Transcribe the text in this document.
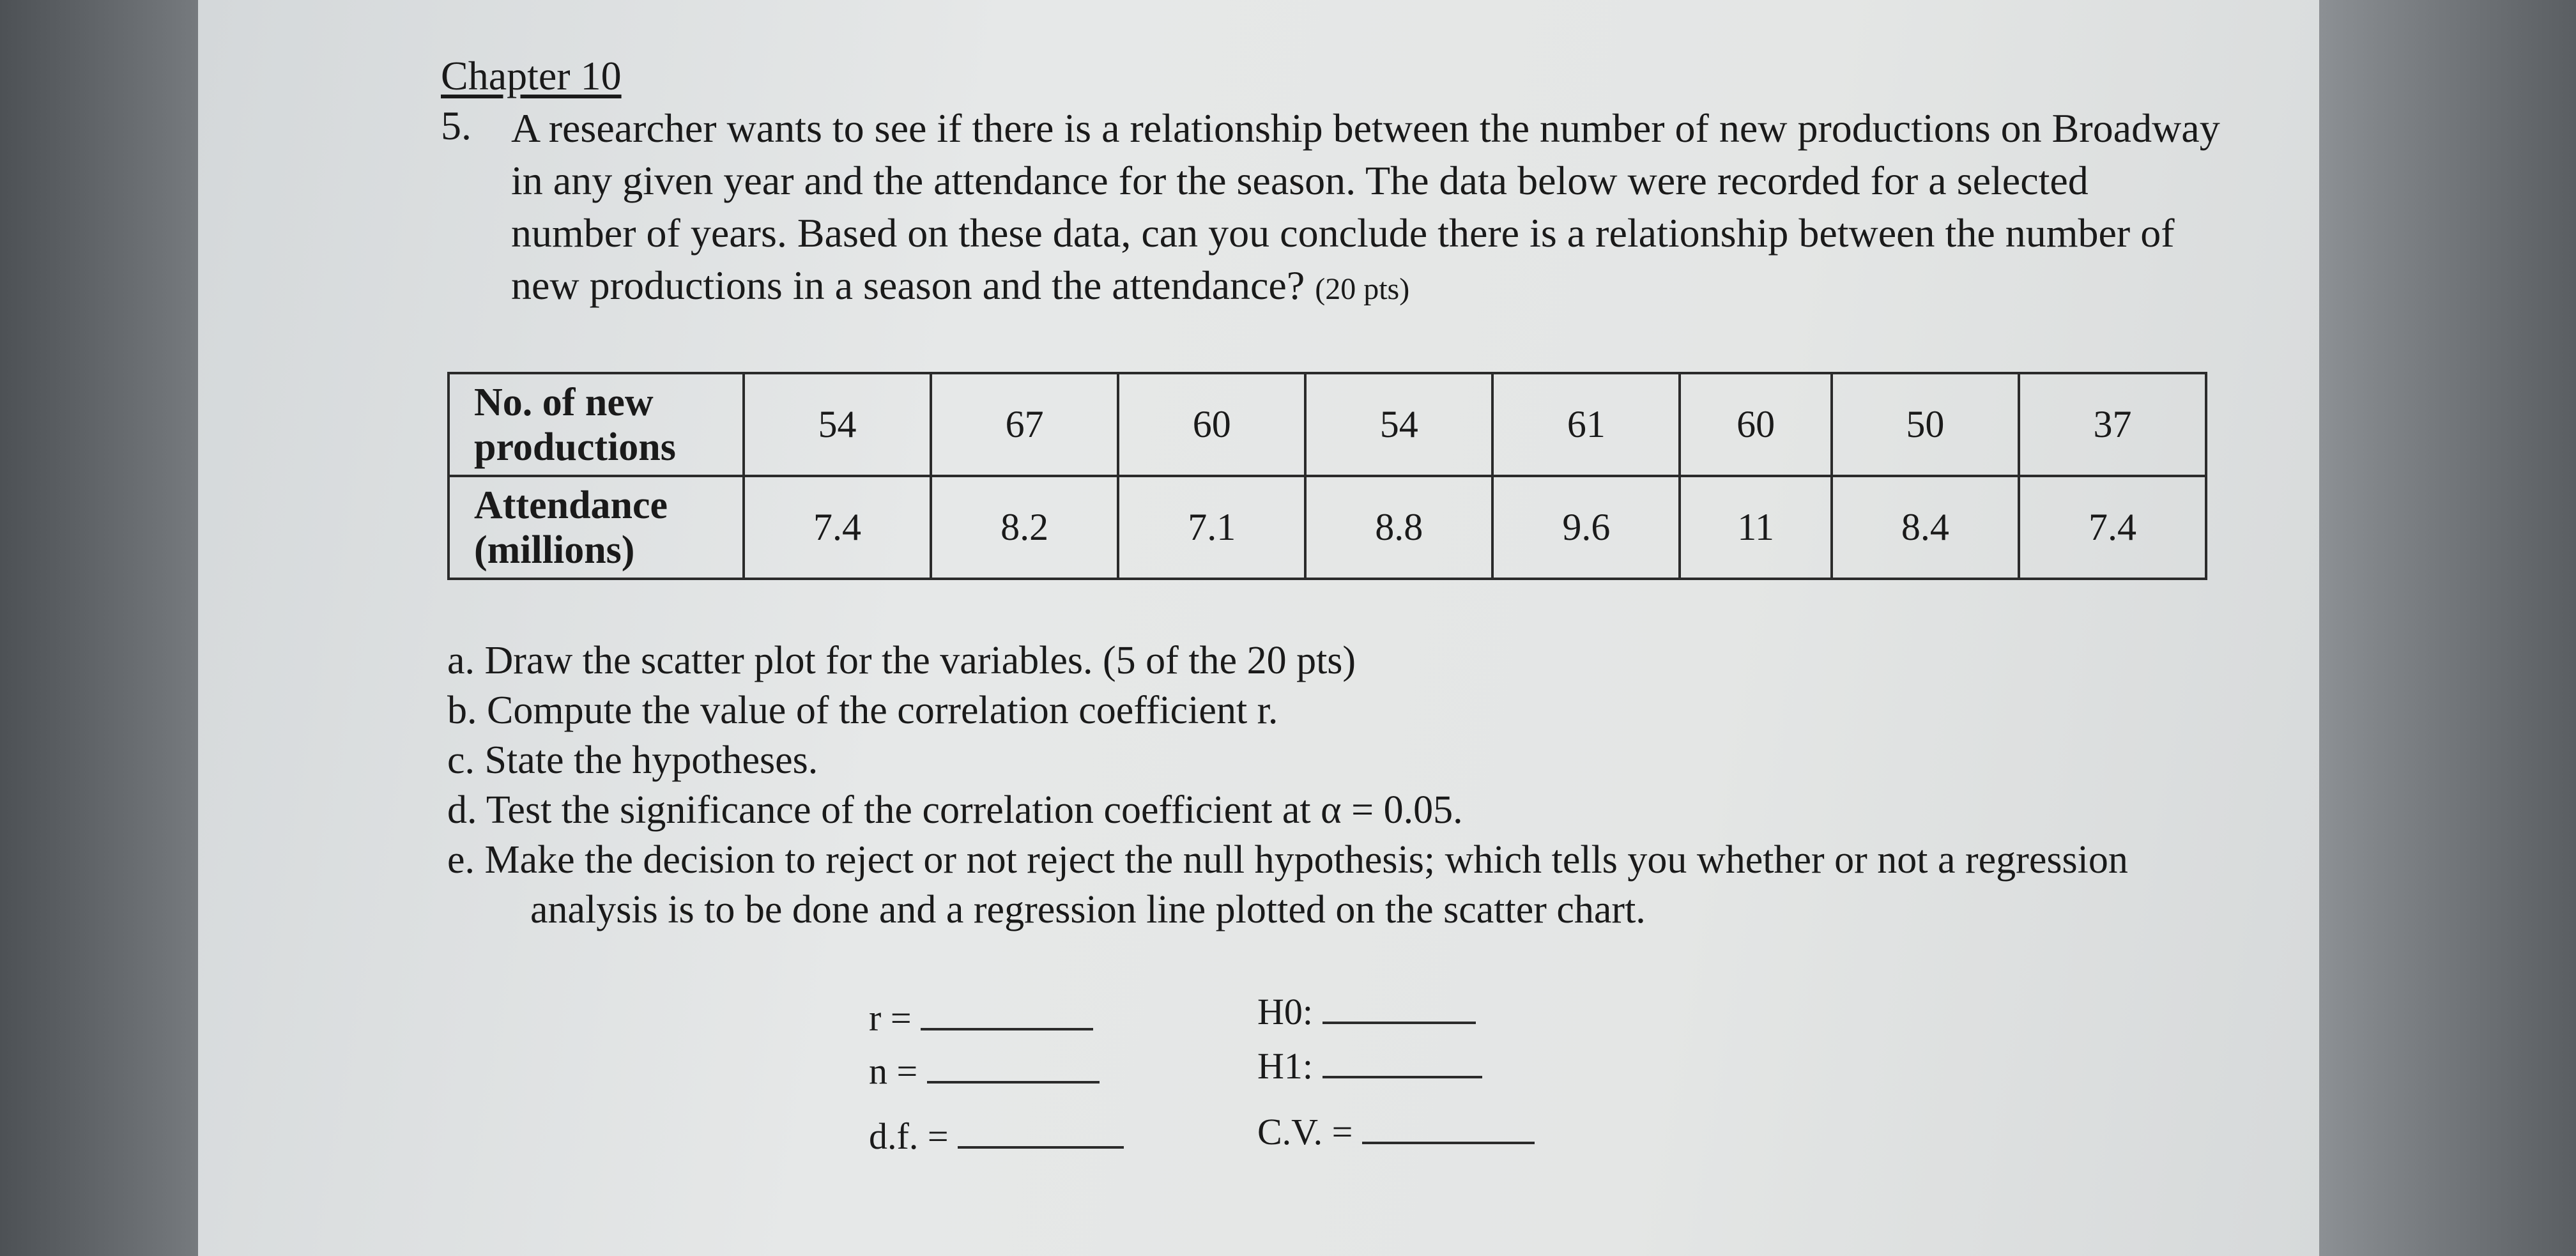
Chapter 10
5. A researcher wants to see if there is a relationship between the number of new productions on Broadway in any given year and the attendance for the season. The data below were recorded for a selected number of years. Based on these data, can you conclude there is a relationship between the number of new productions in a season and the attendance? (20 pts)
No. of new
productions	54	67	60	54	61	60	50	37
Attendance
(millions)	7.4	8.2	7.1	8.8	9.6	11	8.4	7.4
a. Draw the scatter plot for the variables. (5 of the 20 pts)
b. Compute the value of the correlation coefficient r.
c. State the hypotheses.
d. Test the significance of the correlation coefficient at α = 0.05.
e. Make the decision to reject or not reject the null hypothesis; which tells you whether or not a regression analysis is to be done and a regression line plotted on the scatter chart.
r =
n =
d.f. =
H0:
H1:
C.V. =
